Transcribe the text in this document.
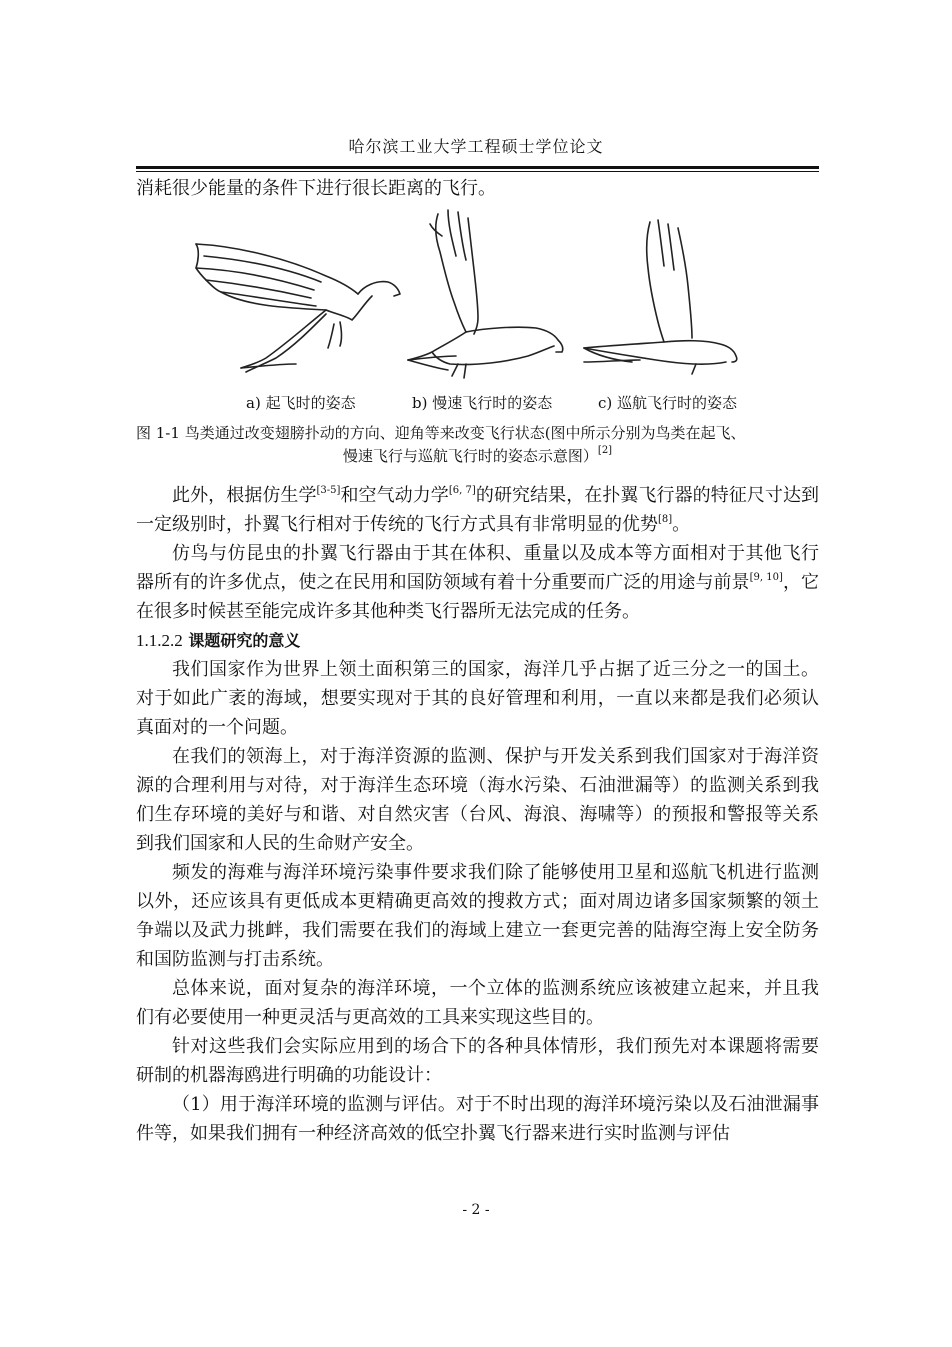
哈尔滨工业大学工程硕士学位论文

消耗很少能量的条件下进行很长距离的飞行。

a) 起飞时的姿态	b) 慢速飞行时的姿态	c) 巡航飞行时的姿态
图 1-1 鸟类通过改变翅膀扑动的方向、迎角等来改变飞行状态(图中所示分别为鸟类在起飞、
慢速飞行与巡航飞行时的姿态示意图）[2]

此外，根据仿生学[3-5]和空气动力学[6, 7]的研究结果，在扑翼飞行器的特征尺寸达到一定级别时，扑翼飞行相对于传统的飞行方式具有非常明显的优势[8]。

仿鸟与仿昆虫的扑翼飞行器由于其在体积、重量以及成本等方面相对于其他飞行器所有的许多优点，使之在民用和国防领域有着十分重要而广泛的用途与前景[9, 10]，它在很多时候甚至能完成许多其他种类飞行器所无法完成的任务。

1.1.2.2 课题研究的意义

我们国家作为世界上领土面积第三的国家，海洋几乎占据了近三分之一的国土。对于如此广袤的海域，想要实现对于其的良好管理和利用，一直以来都是我们必须认真面对的一个问题。

在我们的领海上，对于海洋资源的监测、保护与开发关系到我们国家对于海洋资源的合理利用与对待，对于海洋生态环境（海水污染、石油泄漏等）的监测关系到我们生存环境的美好与和谐、对自然灾害（台风、海浪、海啸等）的预报和警报等关系到我们国家和人民的生命财产安全。

频发的海难与海洋环境污染事件要求我们除了能够使用卫星和巡航飞机进行监测以外，还应该具有更低成本更精确更高效的搜救方式；面对周边诸多国家频繁的领土争端以及武力挑衅，我们需要在我们的海域上建立一套更完善的陆海空海上安全防务和国防监测与打击系统。

总体来说，面对复杂的海洋环境，一个立体的监测系统应该被建立起来，并且我们有必要使用一种更灵活与更高效的工具来实现这些目的。

针对这些我们会实际应用到的场合下的各种具体情形，我们预先对本课题将需要研制的机器海鸥进行明确的功能设计：

（1）用于海洋环境的监测与评估。对于不时出现的海洋环境污染以及石油泄漏事件等，如果我们拥有一种经济高效的低空扑翼飞行器来进行实时监测与评估

- 2 -
